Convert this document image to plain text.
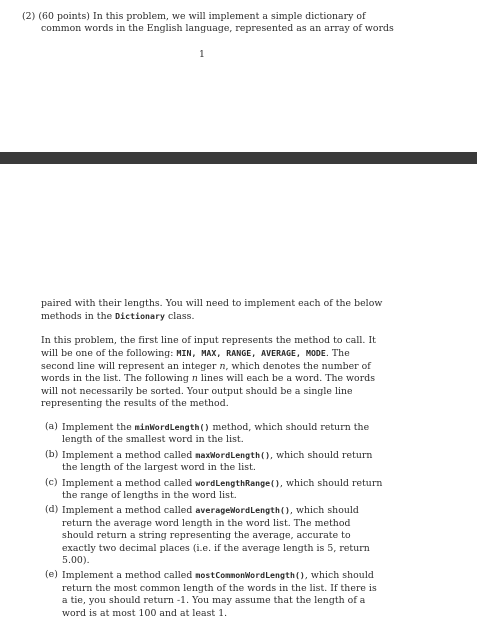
(2) (60 points) In this problem, we will implement a simple dictionary of
common words in the English language, represented as an array of words
1

paired with their lengths. You will need to implement each of the below methods in the Dictionary class.

In this problem, the first line of input represents the method to call. It will be one of the following: MIN, MAX, RANGE, AVERAGE, MODE. The second line will represent an integer n, which denotes the number of words in the list. The following n lines will each be a word. The words will not necessarily be sorted. Your output should be a single line representing the results of the method.

(a) Implement the minWordLength() method, which should return the length of the smallest word in the list.
(b) Implement a method called maxWordLength(), which should return the length of the largest word in the list.
(c) Implement a method called wordLengthRange(), which should return the range of lengths in the word list.
(d) Implement a method called averageWordLength(), which should return the average word length in the word list. The method should return a string representing the average, accurate to exactly two decimal places (i.e. if the average length is 5, return 5.00).
(e) Implement a method called mostCommonWordLength(), which should return the most common length of the words in the list. If there is a tie, you should return -1. You may assume that the length of a word is at most 100 and at least 1.
